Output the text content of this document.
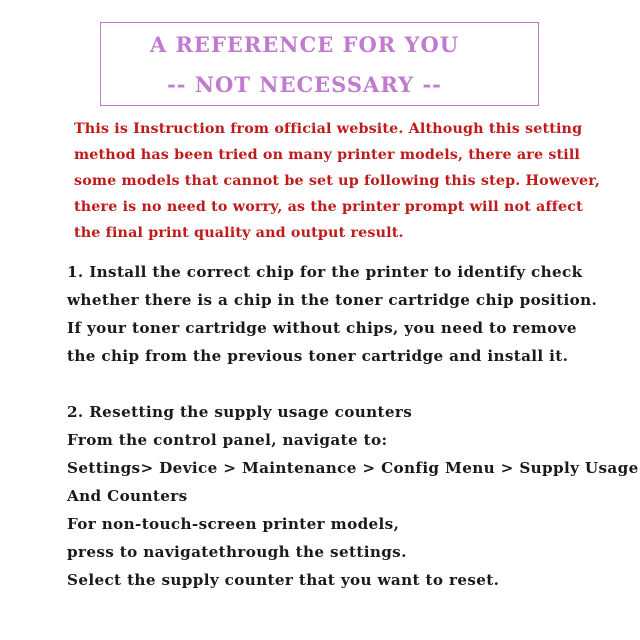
A REFERENCE FOR YOU
-- NOT NECESSARY --
This is Instruction from official website. Although this setting
method has been tried on many printer models, there are still
some models that cannot be set up following this step. However,
there is no need to worry, as the printer prompt will not affect
the final print quality and output result.
1. Install the correct chip for the printer to identify check
whether there is a chip in the toner cartridge chip position.
If your toner cartridge without chips, you need to remove
the chip from the previous toner cartridge and install it.
2. Resetting the supply usage counters
From the control panel, navigate to:
Settings> Device > Maintenance > Config Menu > Supply Usage
And Counters
For non-touch-screen printer models,
press to navigatethrough the settings.
Select the supply counter that you want to reset.
